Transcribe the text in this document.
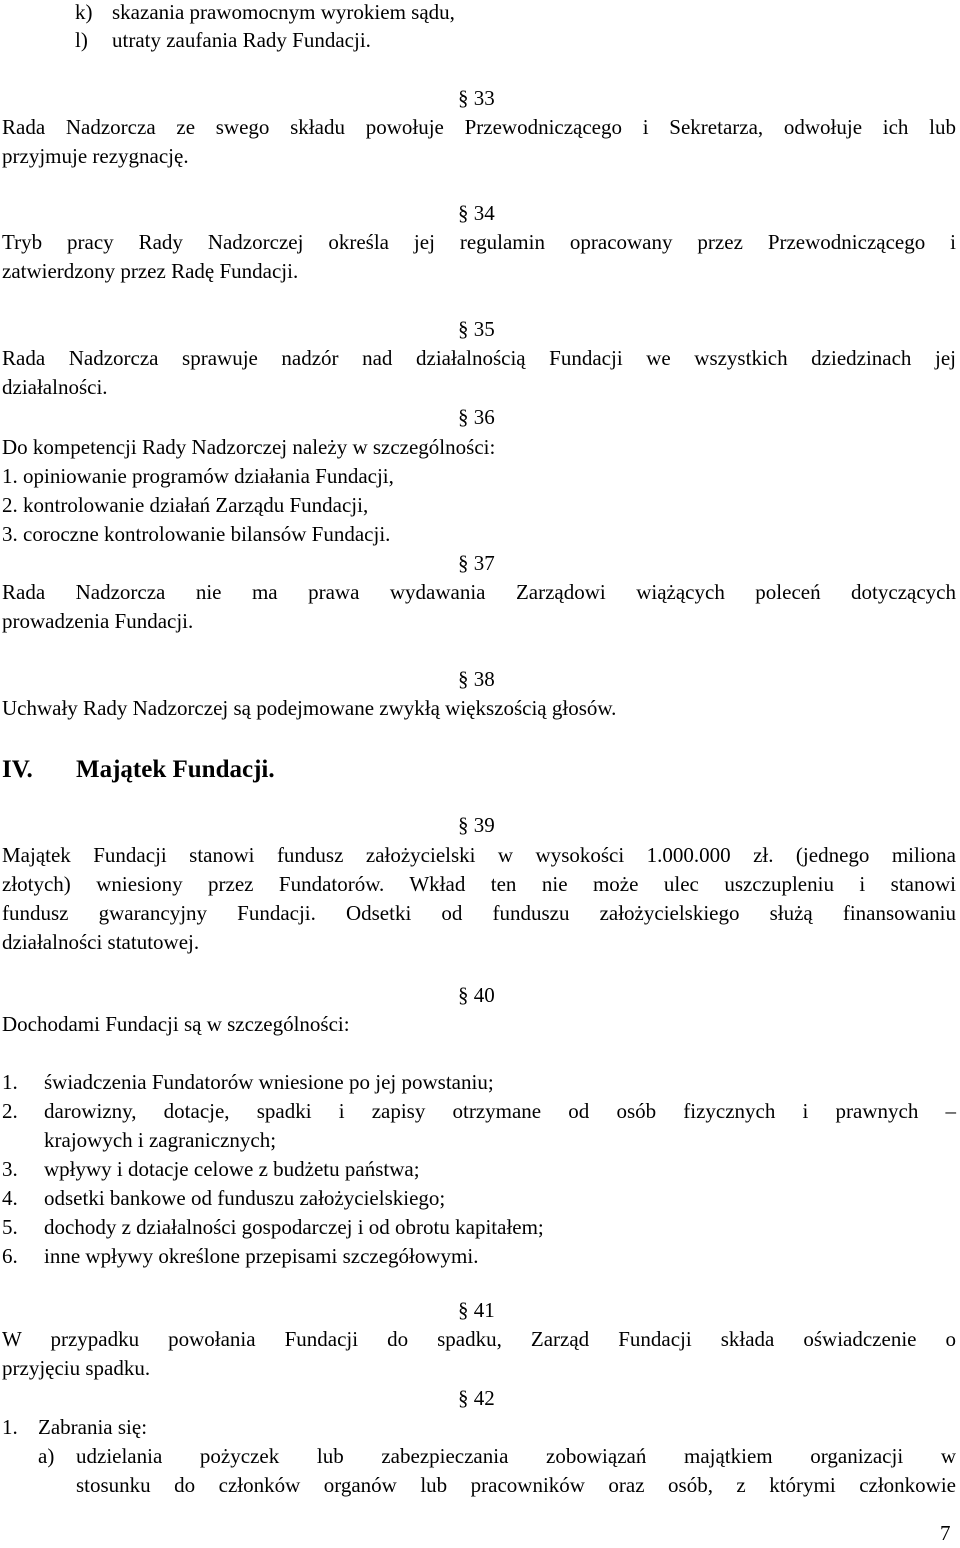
k) skazania prawomocnym wyrokiem sądu,
l) utraty zaufania Rady Fundacji.
§ 33
Rada Nadzorcza ze swego składu powołuje Przewodniczącego i Sekretarza, odwołuje ich lub
przyjmuje rezygnację.
§ 34
Tryb pracy Rady Nadzorczej określa jej regulamin opracowany przez Przewodniczącego i
zatwierdzony przez Radę Fundacji.
§ 35
Rada Nadzorcza sprawuje nadzór nad działalnością Fundacji we wszystkich dziedzinach jej
działalności.
§ 36
Do kompetencji Rady Nadzorczej należy w szczególności:
1. opiniowanie programów działania Fundacji,
2. kontrolowanie działań Zarządu Fundacji,
3. coroczne kontrolowanie bilansów Fundacji.
§ 37
Rada Nadzorcza nie ma prawa wydawania Zarządowi wiążących poleceń dotyczących
prowadzenia Fundacji.
§ 38
Uchwały Rady Nadzorczej są podejmowane zwykłą większością głosów.
IV. Majątek Fundacji.
§ 39
Majątek Fundacji stanowi fundusz założycielski w wysokości 1.000.000 zł. (jednego miliona
złotych) wniesiony przez Fundatorów. Wkład ten nie może ulec uszczupleniu i stanowi
fundusz gwarancyjny Fundacji. Odsetki od funduszu założycielskiego służą finansowaniu
działalności statutowej.
§ 40
Dochodami Fundacji są w szczególności:
1. świadczenia Fundatorów wniesione po jej powstaniu;
2. darowizny, dotacje, spadki i zapisy otrzymane od osób fizycznych i prawnych –
krajowych i zagranicznych;
3. wpływy i dotacje celowe z budżetu państwa;
4. odsetki bankowe od funduszu założycielskiego;
5. dochody z działalności gospodarczej i od obrotu kapitałem;
6. inne wpływy określone przepisami szczegółowymi.
§ 41
W przypadku powołania Fundacji do spadku, Zarząd Fundacji składa oświadczenie o
przyjęciu spadku.
§ 42
1. Zabrania się:
a) udzielania pożyczek lub zabezpieczania zobowiązań majątkiem organizacji w
stosunku do członków organów lub pracowników oraz osób, z którymi członkowie
7
